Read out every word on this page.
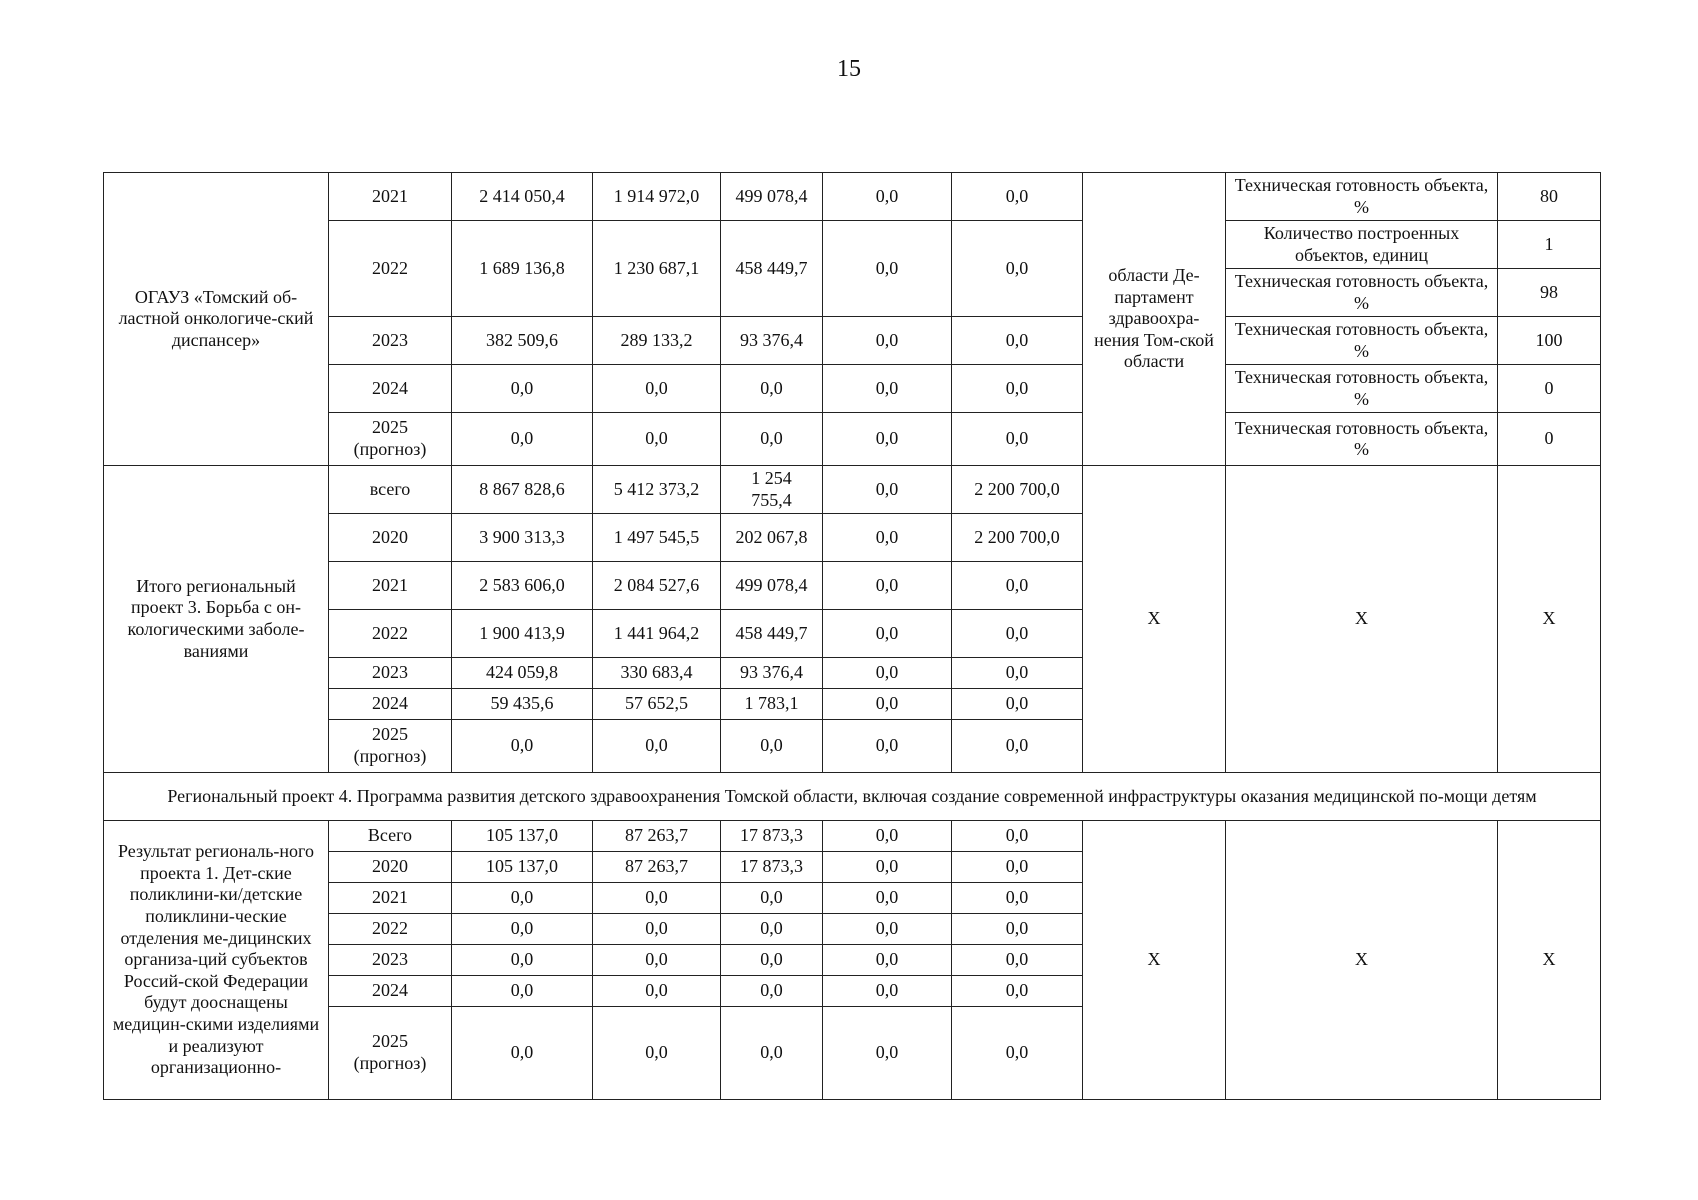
15
ОГАУЗ «Томский об-ластной онкологиче-ский диспансер»	2021	2 414 050,4	1 914 972,0	499 078,4	0,0	0,0	области Де-партамент здравоохра-нения Том-ской области	Техническая готовность объекта, %	80
	2022	1 689 136,8	1 230 687,1	458 449,7	0,0	0,0		Количество построенных объектов, единиц	1
								Техническая готовность объекта, %	98
	2023	382 509,6	289 133,2	93 376,4	0,0	0,0		Техническая готовность объекта, %	100
	2024	0,0	0,0	0,0	0,0	0,0		Техническая готовность объекта, %	0
	2025 (прогноз)	0,0	0,0	0,0	0,0	0,0		Техническая готовность объекта, %	0
Итого региональный проект 3. Борьба с он-кологическими заболе-ваниями	всего	8 867 828,6	5 412 373,2	1 254 755,4	0,0	2 200 700,0	X	X	X
	2020	3 900 313,3	1 497 545,5	202 067,8	0,0	2 200 700,0			
	2021	2 583 606,0	2 084 527,6	499 078,4	0,0	0,0			
	2022	1 900 413,9	1 441 964,2	458 449,7	0,0	0,0			
	2023	424 059,8	330 683,4	93 376,4	0,0	0,0			
	2024	59 435,6	57 652,5	1 783,1	0,0	0,0			
	2025 (прогноз)	0,0	0,0	0,0	0,0	0,0			
Региональный проект 4. Программа развития детского здравоохранения Томской области, включая создание современной инфраструктуры оказания медицинской по-мощи детям									
Результат региональ-ного проекта 1. Дет-ские поликлини-ки/детские поликлини-ческие отделения ме-дицинских организа-ций субъектов Россий-ской Федерации будут дооснащены медицин-скими изделиями и реализуют организационно-	Всего	105 137,0	87 263,7	17 873,3	0,0	0,0	X	X	X
	2020	105 137,0	87 263,7	17 873,3	0,0	0,0			
	2021	0,0	0,0	0,0	0,0	0,0			
	2022	0,0	0,0	0,0	0,0	0,0			
	2023	0,0	0,0	0,0	0,0	0,0			
	2024	0,0	0,0	0,0	0,0	0,0			
	2025 (прогноз)	0,0	0,0	0,0	0,0	0,0			
